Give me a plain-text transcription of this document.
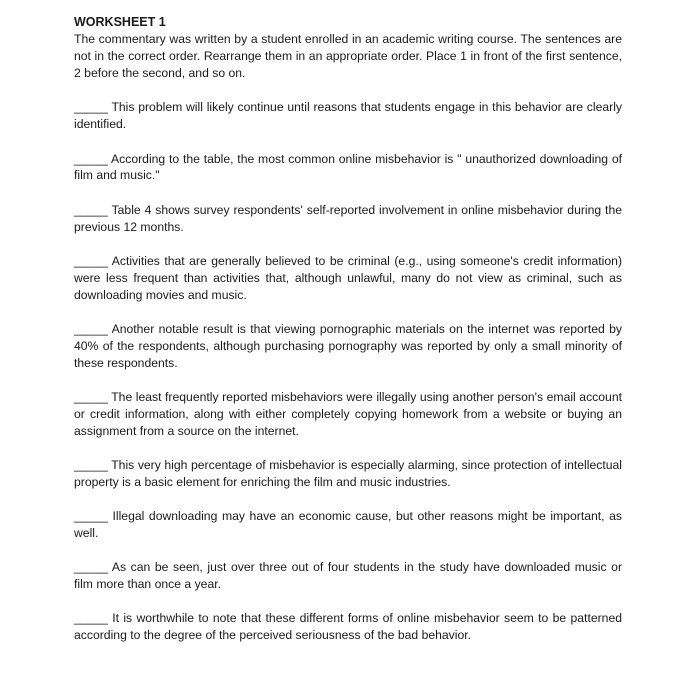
WORKSHEET 1

The commentary was written by a student enrolled in an academic writing course. The sentences are not in the correct order. Rearrange them in an appropriate order. Place 1 in front of the first sentence, 2 before the second, and so on.

_____ This problem will likely continue until reasons that students engage in this behavior are clearly identified.

_____ According to the table, the most common online misbehavior is " unauthorized downloading of film and music."

_____ Table 4 shows survey respondents' self-reported involvement in online misbehavior during the previous 12 months.

_____ Activities that are generally believed to be criminal (e.g., using someone's credit information) were less frequent than activities that, although unlawful, many do not view as criminal, such as downloading movies and music.

_____ Another notable result is that viewing pornographic materials on the internet was reported by 40% of the respondents, although purchasing pornography was reported by only a small minority of these respondents.

_____ The least frequently reported misbehaviors were illegally using another person's email account or credit information, along with either completely copying homework from a website or buying an assignment from a source on the internet.

_____ This very high percentage of misbehavior is especially alarming, since protection of intellectual property is a basic element for enriching the film and music industries.

_____ Illegal downloading may have an economic cause, but other reasons might be important, as well.

_____ As can be seen, just over three out of four students in the study have downloaded music or film more than once a year.

_____ It is worthwhile to note that these different forms of online misbehavior seem to be patterned according to the degree of the perceived seriousness of the bad behavior.
